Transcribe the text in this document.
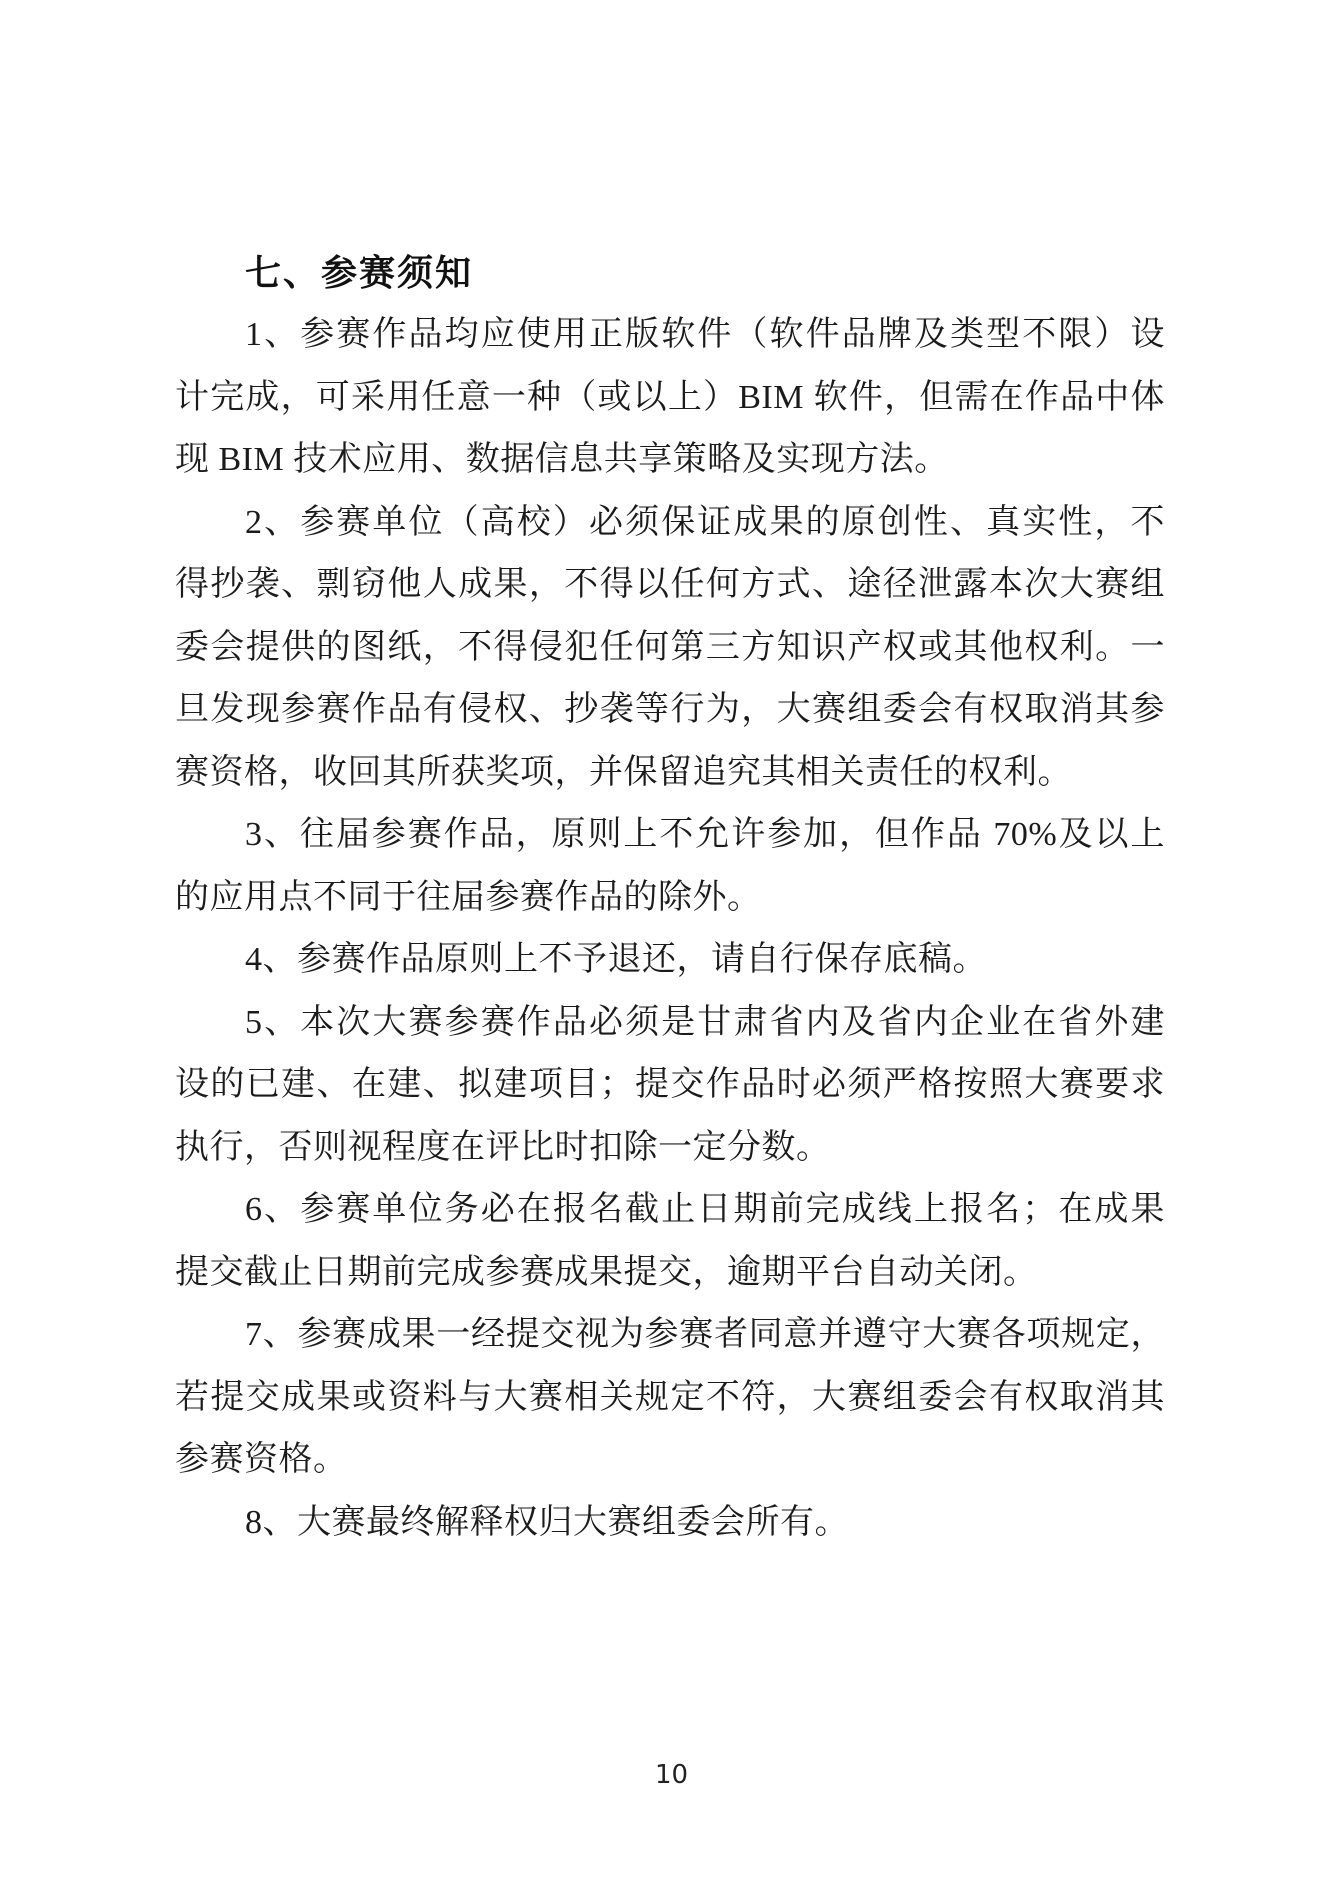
七、参赛须知
1、参赛作品均应使用正版软件（软件品牌及类型不限）设
计完成，可采用任意一种（或以上）BIM 软件，但需在作品中体
现 BIM 技术应用、数据信息共享策略及实现方法。
2、参赛单位（高校）必须保证成果的原创性、真实性，不
得抄袭、剽窃他人成果，不得以任何方式、途径泄露本次大赛组
委会提供的图纸，不得侵犯任何第三方知识产权或其他权利。一
旦发现参赛作品有侵权、抄袭等行为，大赛组委会有权取消其参
赛资格，收回其所获奖项，并保留追究其相关责任的权利。
3、往届参赛作品，原则上不允许参加，但作品 70%及以上
的应用点不同于往届参赛作品的除外。
4、参赛作品原则上不予退还，请自行保存底稿。
5、本次大赛参赛作品必须是甘肃省内及省内企业在省外建
设的已建、在建、拟建项目；提交作品时必须严格按照大赛要求
执行，否则视程度在评比时扣除一定分数。
6、参赛单位务必在报名截止日期前完成线上报名；在成果
提交截止日期前完成参赛成果提交，逾期平台自动关闭。
7、参赛成果一经提交视为参赛者同意并遵守大赛各项规定，
若提交成果或资料与大赛相关规定不符，大赛组委会有权取消其
参赛资格。
8、大赛最终解释权归大赛组委会所有。
10
